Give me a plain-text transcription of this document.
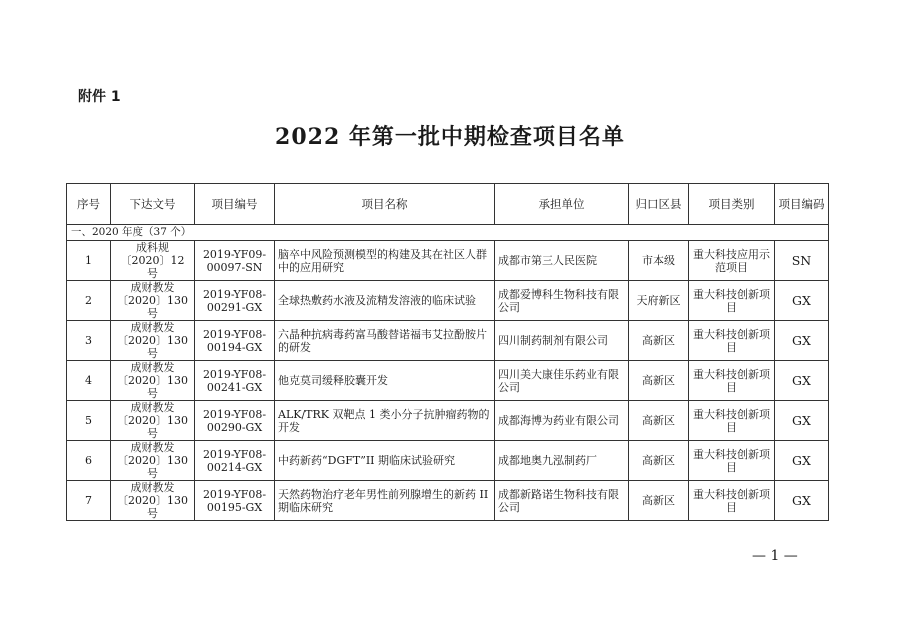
附件 1
2022 年第一批中期检查项目名单
序号	下达文号	项目编号	项目名称	承担单位	归口区县	项目类别	项目编码
一、2020 年度（37 个）							
1	成科规〔2020〕12 号	2019-YF09-00097-SN	脑卒中风险预测模型的构建及其在社区人群中的应用研究	成都市第三人民医院	市本级	重大科技应用示范项目	SN
2	成财教发〔2020〕130 号	2019-YF08-00291-GX	全球热敷药水液及流精发溶液的临床试验	成都爱博科生物科技有限公司	天府新区	重大科技创新项目	GX
3	成财教发〔2020〕130 号	2019-YF08-00194-GX	六晶种抗病毒药富马酸替诺福韦艾拉酚胺片的研发	四川制药制剂有限公司	高新区	重大科技创新项目	GX
4	成财教发〔2020〕130 号	2019-YF08-00241-GX	他克莫司缓释胶囊开发	四川美大康佳乐药业有限公司	高新区	重大科技创新项目	GX
5	成财教发〔2020〕130 号	2019-YF08-00290-GX	ALK/TRK 双靶点 1 类小分子抗肿瘤药物的开发	成都海博为药业有限公司	高新区	重大科技创新项目	GX
6	成财教发〔2020〕130 号	2019-YF08-00214-GX	中药新药“DGFT”II 期临床试验研究	成都地奥九泓制药厂	高新区	重大科技创新项目	GX
7	成财教发〔2020〕130 号	2019-YF08-00195-GX	天然药物治疗老年男性前列腺增生的新药 II 期临床研究	成都新路诺生物科技有限公司	高新区	重大科技创新项目	GX
— 1 —
